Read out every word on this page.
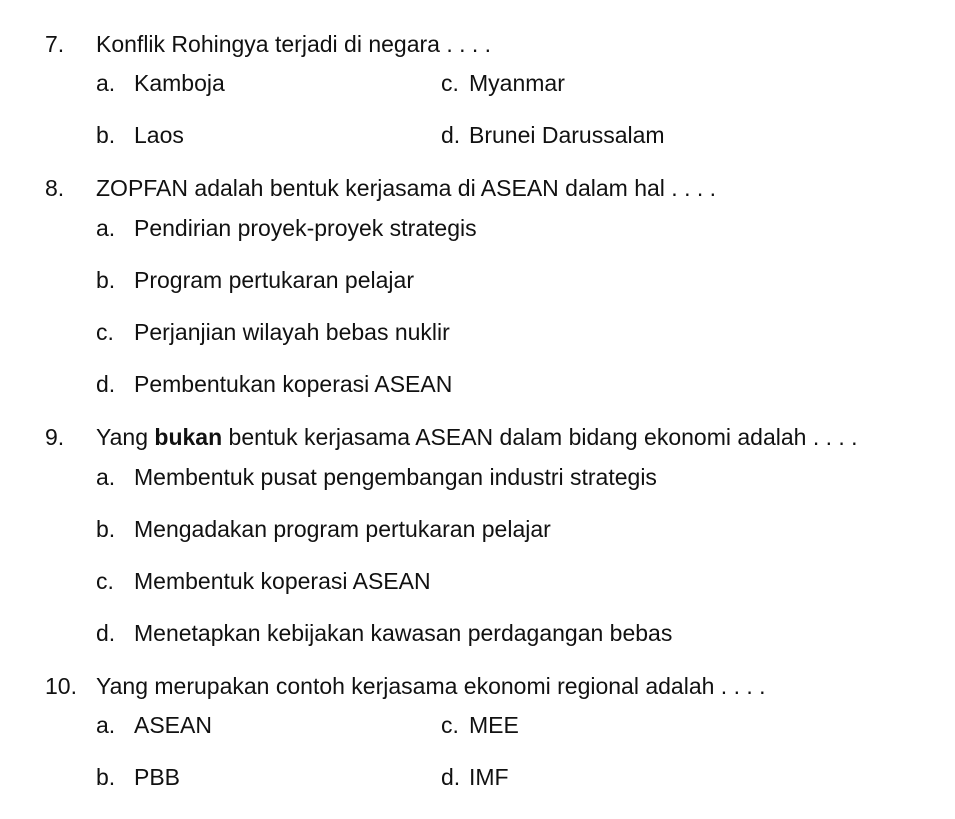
7. Konflik Rohingya terjadi di negara . . . .
a. Kamboja	c. Myanmar
b. Laos	d. Brunei Darussalam
8. ZOPFAN adalah bentuk kerjasama di ASEAN dalam hal . . . .
a. Pendirian proyek-proyek strategis
b. Program pertukaran pelajar
c. Perjanjian wilayah bebas nuklir
d. Pembentukan koperasi ASEAN
9. Yang bukan bentuk kerjasama ASEAN dalam bidang ekonomi adalah . . . .
a. Membentuk pusat pengembangan industri strategis
b. Mengadakan program pertukaran pelajar
c. Membentuk koperasi ASEAN
d. Menetapkan kebijakan kawasan perdagangan bebas
10. Yang merupakan contoh kerjasama ekonomi regional adalah . . . .
a. ASEAN	c. MEE
b. PBB	d. IMF
